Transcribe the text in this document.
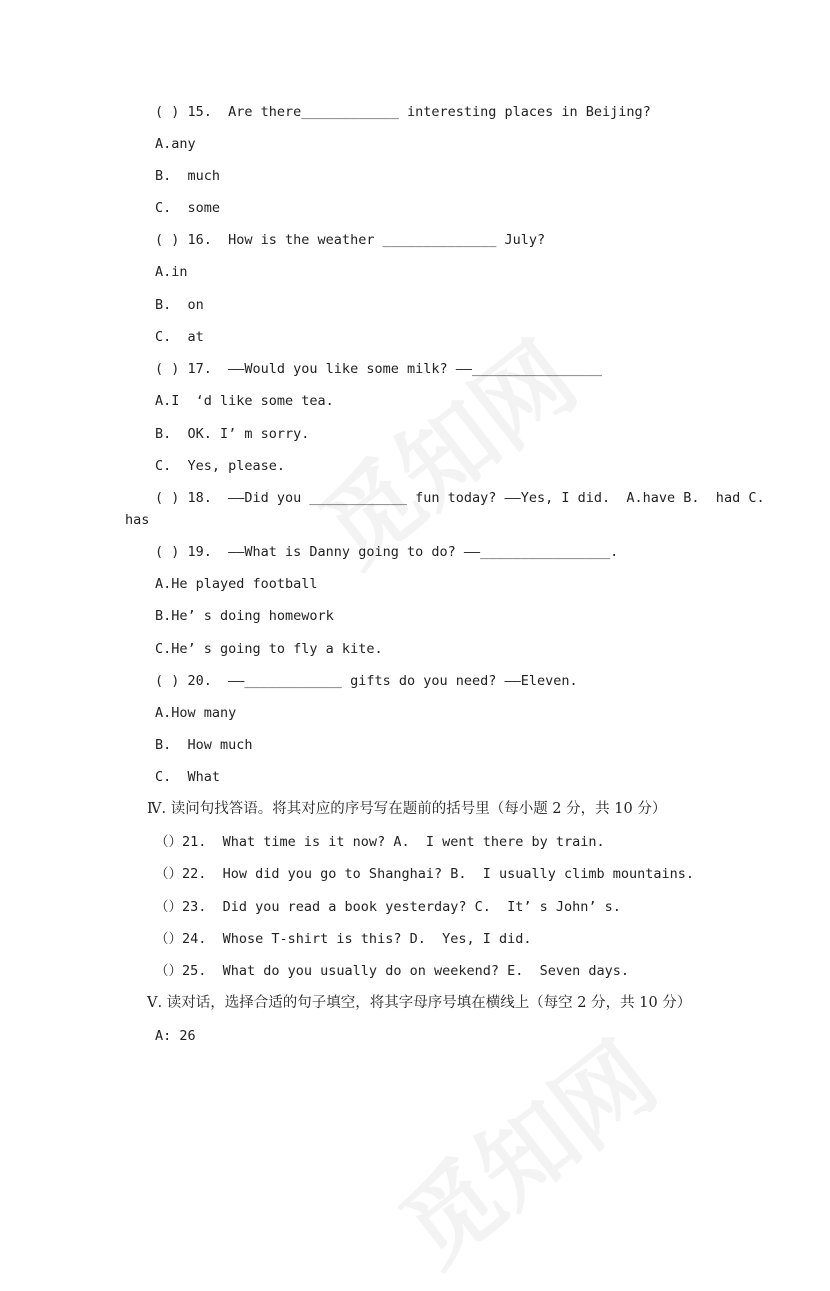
( ) 15.  Are there____________ interesting places in Beijing?
A.any
B.  much
C.  some
( ) 16.  How is the weather ______________ July?
A.in
B.  on
C.  at
( ) 17.  ——Would you like some milk? ——________________
A.I  ‘d like some tea.
B.  OK. I’ m sorry.
C.  Yes, please.
( ) 18.  ——Did you ____________ fun today? ——Yes, I did.  A.have B.  had C.
has
( ) 19.  ——What is Danny going to do? ——________________.
A.He played football
B.He’ s doing homework
C.He’ s going to fly a kite.
( ) 20.  ——____________ gifts do you need? ——Eleven.
A.How many
B.  How much
C.  What
Ⅳ. 读问句找答语。将其对应的序号写在题前的括号里（每小题 2 分，共 10 分）
（）21.  What time is it now? A.  I went there by train.
（）22.  How did you go to Shanghai? B.  I usually climb mountains.
（）23.  Did you read a book yesterday? C.  It’ s John’ s.
（）24.  Whose T-shirt is this? D.  Yes, I did.
（）25.  What do you usually do on weekend? E.  Seven days.
Ⅴ. 读对话，选择合适的句子填空，将其字母序号填在横线上（每空 2 分，共 10 分）
A: 26
